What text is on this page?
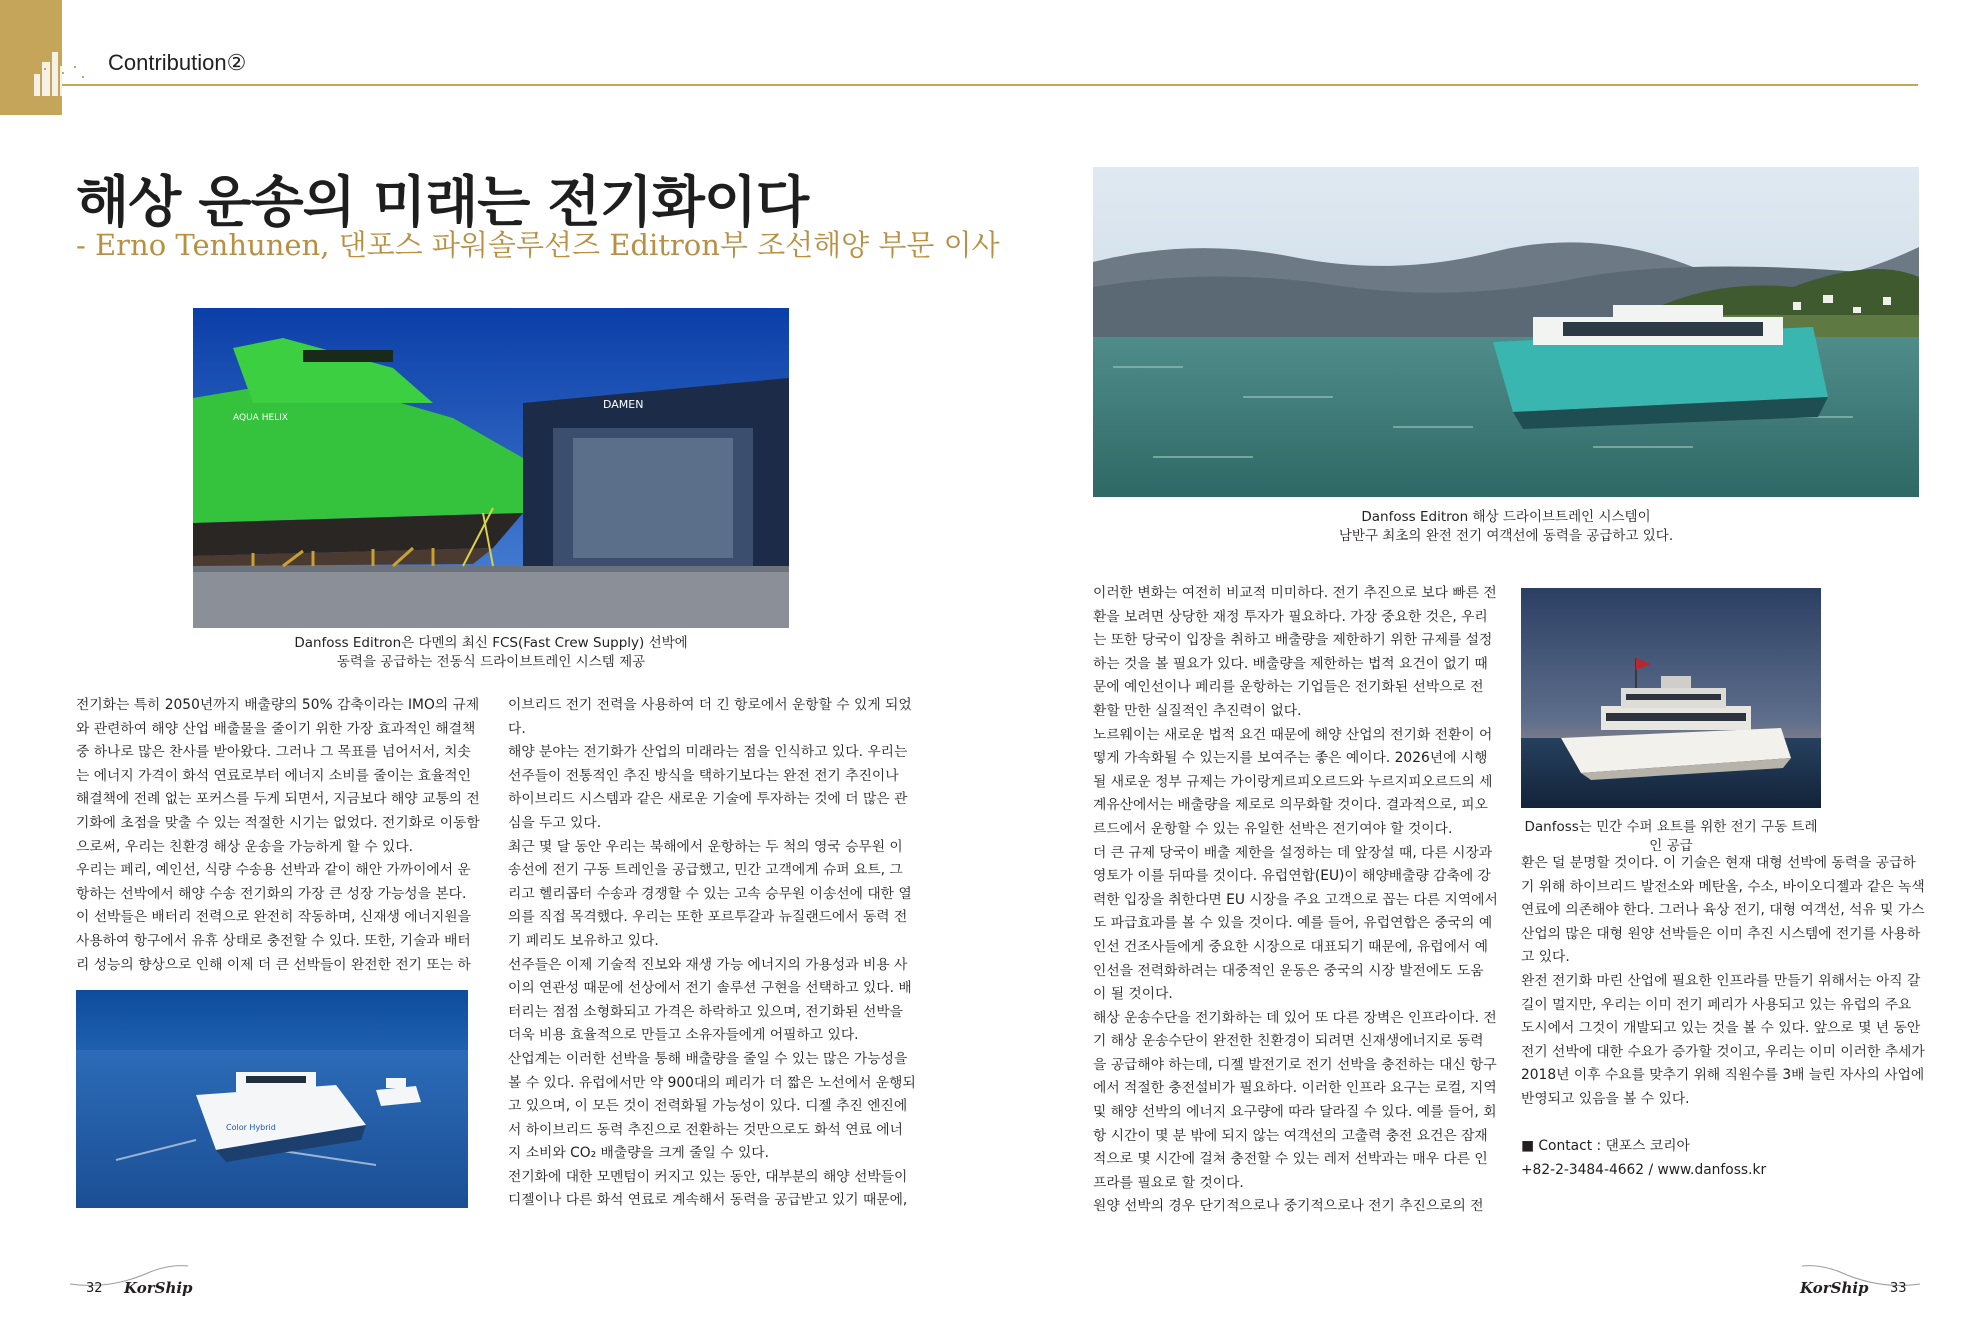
Contribution②
해상 운송의 미래는 전기화이다
- Erno Tenhunen, 댄포스 파워솔루션즈 Editron부 조선해양 부문 이사
DAMEN
AQUA HELIX
Danfoss Editron은 다멘의 최신 FCS(Fast Crew Supply) 선박에
동력을 공급하는 전동식 드라이브트레인 시스템 제공
Danfoss Editron 해상 드라이브트레인 시스템이
남반구 최초의 완전 전기 여객선에 동력을 공급하고 있다.
Danfoss는 민간 수퍼 요트를 위한 전기 구동 트레인 공급
Color Hybrid
전기화는 특히 2050년까지 배출량의 50% 감축이라는 IMO의 규제
와 관련하여 해양 산업 배출물을 줄이기 위한 가장 효과적인 해결책
중 하나로 많은 찬사를 받아왔다. 그러나 그 목표를 넘어서서, 치솟
는 에너지 가격이 화석 연료로부터 에너지 소비를 줄이는 효율적인
해결책에 전례 없는 포커스를 두게 되면서, 지금보다 해양 교통의 전
기화에 초점을 맞출 수 있는 적절한 시기는 없었다. 전기화로 이동함
으로써, 우리는 친환경 해상 운송을 가능하게 할 수 있다.
우리는 페리, 예인선, 식량 수송용 선박과 같이 해안 가까이에서 운
항하는 선박에서 해양 수송 전기화의 가장 큰 성장 가능성을 본다.
이 선박들은 배터리 전력으로 완전히 작동하며, 신재생 에너지원을
사용하여 항구에서 유휴 상태로 충전할 수 있다. 또한, 기술과 배터
리 성능의 향상으로 인해 이제 더 큰 선박들이 완전한 전기 또는 하
이브리드 전기 전력을 사용하여 더 긴 항로에서 운항할 수 있게 되었
다.
해양 분야는 전기화가 산업의 미래라는 점을 인식하고 있다. 우리는
선주들이 전통적인 추진 방식을 택하기보다는 완전 전기 추진이나
하이브리드 시스템과 같은 새로운 기술에 투자하는 것에 더 많은 관
심을 두고 있다.
최근 몇 달 동안 우리는 북해에서 운항하는 두 척의 영국 승무원 이
송선에 전기 구동 트레인을 공급했고, 민간 고객에게 슈퍼 요트, 그
리고 헬리콥터 수송과 경쟁할 수 있는 고속 승무원 이송선에 대한 열
의를 직접 목격했다. 우리는 또한 포르투갈과 뉴질랜드에서 동력 전
기 페리도 보유하고 있다.
선주들은 이제 기술적 진보와 재생 가능 에너지의 가용성과 비용 사
이의 연관성 때문에 선상에서 전기 솔루션 구현을 선택하고 있다. 배
터리는 점점 소형화되고 가격은 하락하고 있으며, 전기화된 선박을
더욱 비용 효율적으로 만들고 소유자들에게 어필하고 있다.
산업계는 이러한 선박을 통해 배출량을 줄일 수 있는 많은 가능성을
볼 수 있다. 유럽에서만 약 900대의 페리가 더 짧은 노선에서 운행되
고 있으며, 이 모든 것이 전력화될 가능성이 있다. 디젤 추진 엔진에
서 하이브리드 동력 추진으로 전환하는 것만으로도 화석 연료 에너
지 소비와 CO₂ 배출량을 크게 줄일 수 있다.
전기화에 대한 모멘텀이 커지고 있는 동안, 대부분의 해양 선박들이
디젤이나 다른 화석 연료로 계속해서 동력을 공급받고 있기 때문에,
이러한 변화는 여전히 비교적 미미하다. 전기 추진으로 보다 빠른 전
환을 보려면 상당한 재정 투자가 필요하다. 가장 중요한 것은, 우리
는 또한 당국이 입장을 취하고 배출량을 제한하기 위한 규제를 설정
하는 것을 볼 필요가 있다. 배출량을 제한하는 법적 요건이 없기 때
문에 예인선이나 페리를 운항하는 기업들은 전기화된 선박으로 전
환할 만한 실질적인 추진력이 없다.
노르웨이는 새로운 법적 요건 때문에 해양 산업의 전기화 전환이 어
떻게 가속화될 수 있는지를 보여주는 좋은 예이다. 2026년에 시행
될 새로운 정부 규제는 가이랑게르피오르드와 누르지피오르드의 세
계유산에서는 배출량을 제로로 의무화할 것이다. 결과적으로, 피오
르드에서 운항할 수 있는 유일한 선박은 전기여야 할 것이다.
더 큰 규제 당국이 배출 제한을 설정하는 데 앞장설 때, 다른 시장과
영토가 이를 뒤따를 것이다. 유럽연합(EU)이 해양배출량 감축에 강
력한 입장을 취한다면 EU 시장을 주요 고객으로 꼽는 다른 지역에서
도 파급효과를 볼 수 있을 것이다. 예를 들어, 유럽연합은 중국의 예
인선 건조사들에게 중요한 시장으로 대표되기 때문에, 유럽에서 예
인선을 전력화하려는 대중적인 운동은 중국의 시장 발전에도 도움
이 될 것이다.
해상 운송수단을 전기화하는 데 있어 또 다른 장벽은 인프라이다. 전
기 해상 운송수단이 완전한 친환경이 되려면 신재생에너지로 동력
을 공급해야 하는데, 디젤 발전기로 전기 선박을 충전하는 대신 항구
에서 적절한 충전설비가 필요하다. 이러한 인프라 요구는 로컬, 지역
및 해양 선박의 에너지 요구량에 따라 달라질 수 있다. 예를 들어, 회
항 시간이 몇 분 밖에 되지 않는 여객선의 고출력 충전 요건은 잠재
적으로 몇 시간에 걸쳐 충전할 수 있는 레저 선박과는 매우 다른 인
프라를 필요로 할 것이다.
원양 선박의 경우 단기적으로나 중기적으로나 전기 추진으로의 전
환은 덜 분명할 것이다. 이 기술은 현재 대형 선박에 동력을 공급하
기 위해 하이브리드 발전소와 메탄올, 수소, 바이오디젤과 같은 녹색
연료에 의존해야 한다. 그러나 육상 전기, 대형 여객선, 석유 및 가스
산업의 많은 대형 원양 선박들은 이미 추진 시스템에 전기를 사용하
고 있다.
완전 전기화 마린 산업에 필요한 인프라를 만들기 위해서는 아직 갈
길이 멀지만, 우리는 이미 전기 페리가 사용되고 있는 유럽의 주요
도시에서 그것이 개발되고 있는 것을 볼 수 있다. 앞으로 몇 년 동안
전기 선박에 대한 수요가 증가할 것이고, 우리는 이미 이러한 추세가
2018년 이후 수요를 맞추기 위해 직원수를 3배 늘린 자사의 사업에
반영되고 있음을 볼 수 있다.
■ Contact : 댄포스 코리아
+82-2-3484-4662 / www.danfoss.kr
32 KorShip	KorShip 33
